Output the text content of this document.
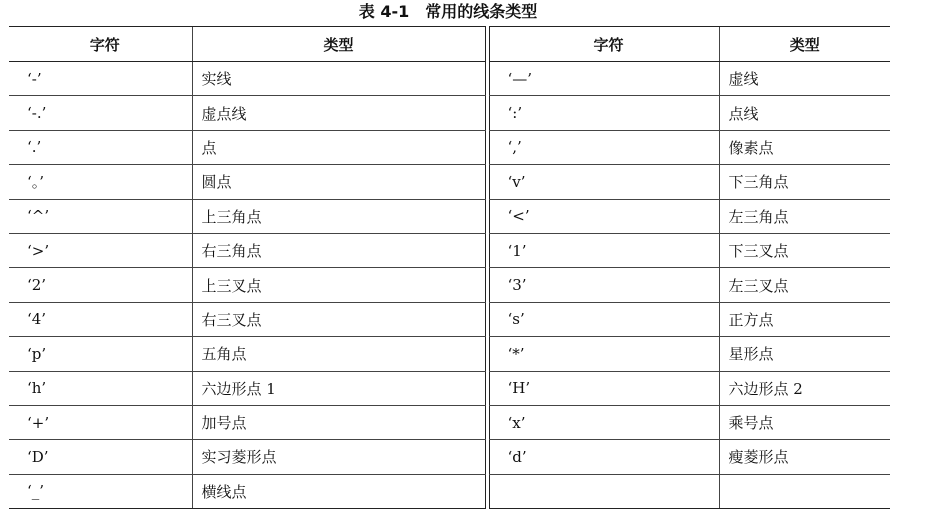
表 4-1　常用的线条类型
字符	类型
‘-’	实线
‘-.’	虚点线
‘.’	点
‘。’	圆点
‘^’	上三角点
‘>’	右三角点
‘2’	上三叉点
‘4’	右三叉点
‘p’	五角点
‘h’	六边形点 1
‘+’	加号点
‘D’	实习菱形点
‘_’	横线点
字符	类型
‘—’	虚线
‘:’	点线
‘,’	像素点
‘v’	下三角点
‘<’	左三角点
‘1’	下三叉点
‘3’	左三叉点
‘s’	正方点
‘*’	星形点
‘H’	六边形点 2
‘x’	乘号点
‘d’	瘦菱形点
